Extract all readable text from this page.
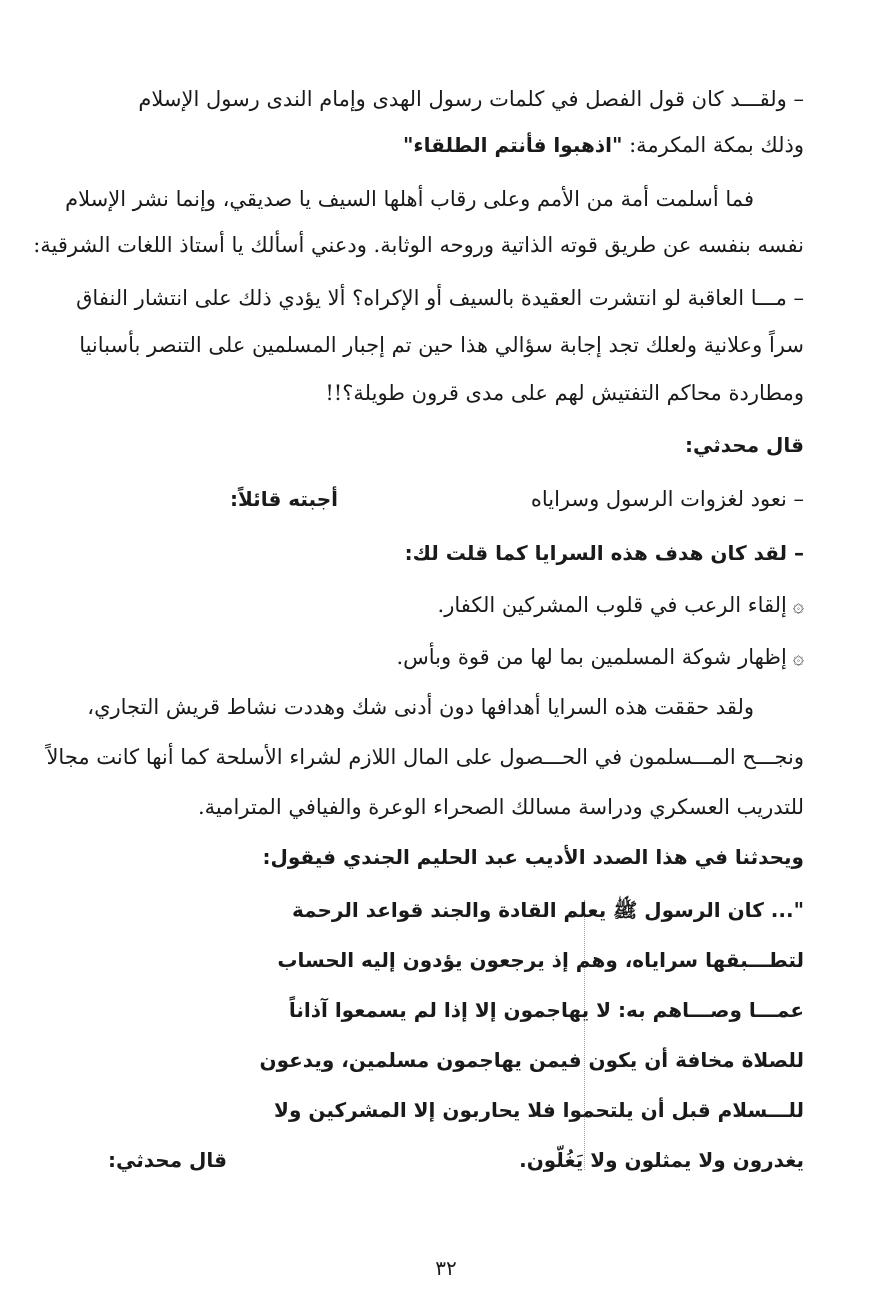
– ولقـــد كان قول الفصل في كلمات رسول الهدى وإمام الندى رسول الإسلام
وذلك بمكة المكرمة: "اذهبوا فأنتم الطلقاء"
فما أسلمت أمة من الأمم وعلى رقاب أهلها السيف يا صديقي، وإنما نشر الإسلام
نفسه بنفسه عن طريق قوته الذاتية وروحه الوثابة. ودعني أسألك يا أستاذ اللغات الشرقية:
– مـــا العاقبة لو انتشرت العقيدة بالسيف أو الإكراه؟ ألا يؤدي ذلك على انتشار النفاق
سراً وعلانية ولعلك تجد إجابة سؤالي هذا حين تم إجبار المسلمين على التنصر بأسبانيا
ومطاردة محاكم التفتيش لهم على مدى قرون طويلة؟!!
قال محدثي:
– نعود لغزوات الرسول وسراياه
أجبته قائلاً:
– لقد كان هدف هذه السرايا كما قلت لك:
۞إلقاء الرعب في قلوب المشركين الكفار.
۞إظهار شوكة المسلمين بما لها من قوة وبأس.
ولقد حققت هذه السرايا أهدافها دون أدنى شك وهددت نشاط قريش التجاري،
ونجـــح المـــسلمون في الحـــصول على المال اللازم لشراء الأسلحة كما أنها كانت مجالاً
للتدريب العسكري ودراسة مسالك الصحراء الوعرة والفيافي المترامية.
ويحدثنا في هذا الصدد الأديب عبد الحليم الجندي فيقول:
"... كان الرسول ﷺ يعلم القادة والجند قواعد الرحمة
لتطـــبقها سراياه، وهم إذ يرجعون يؤدون إليه الحساب
عمـــا وصـــاهم به: لا يهاجمون إلا إذا لم يسمعوا آذاناً
للصلاة مخافة أن يكون فيمن يهاجمون مسلمين، ويدعون
للـــسلام قبل أن يلتحموا فلا يحاربون إلا المشركين ولا
يغدرون ولا يمثلون ولا يَغُلّون.
قال محدثي:
٣٢
